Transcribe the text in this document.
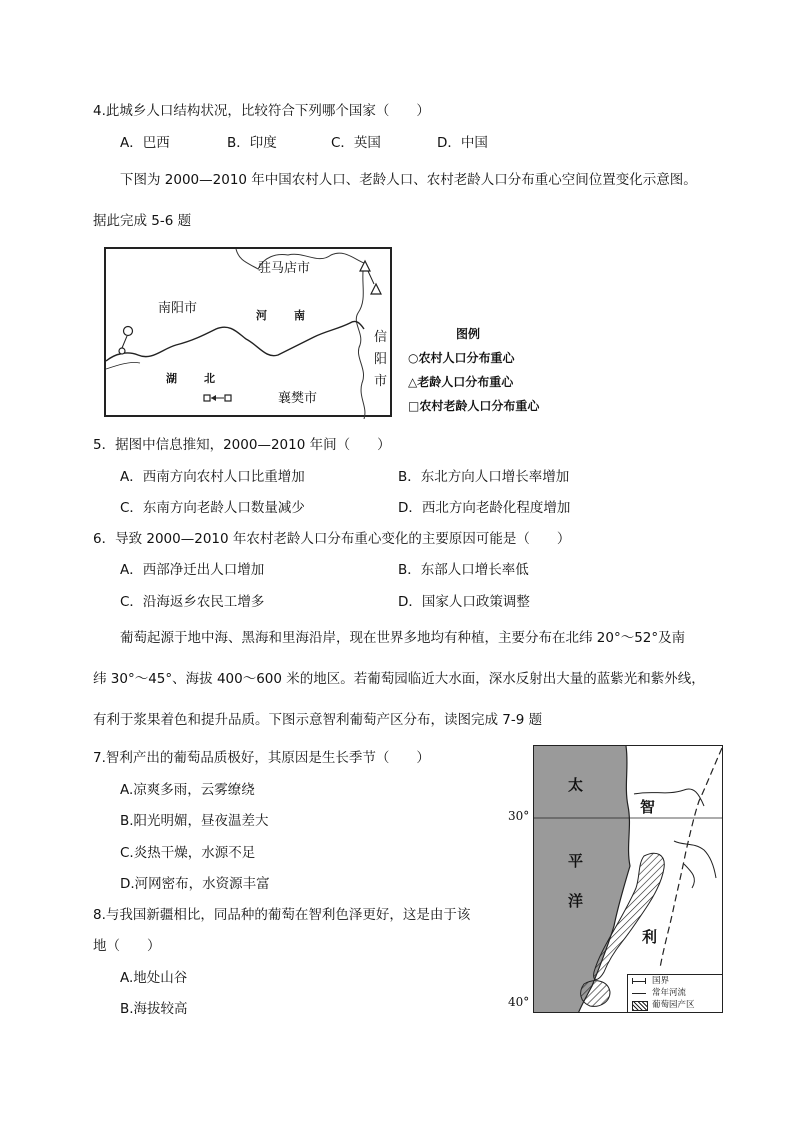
4.此城乡人口结构状况，比较符合下列哪个国家（　　）
A．巴西	B．印度	C．英国	D．中国
下图为 2000—2010 年中国农村人口、老龄人口、农村老龄人口分布重心空间位置变化示意图。
据此完成 5-6 题
驻马店市
南阳市	河　南
信阳市
湖　北
襄樊市
图例
○农村人口分布重心
△老龄人口分布重心
□农村老龄人口分布重心
5．据图中信息推知，2000—2010 年间（　　）
A．西南方向农村人口比重增加	B．东北方向人口增长率增加
C．东南方向老龄人口数量减少	D．西北方向老龄化程度增加
6．导致 2000—2010 年农村老龄人口分布重心变化的主要原因可能是（　　）
A．西部净迁出人口增加	B．东部人口增长率低
C．沿海返乡农民工增多	D．国家人口政策调整
葡萄起源于地中海、黑海和里海沿岸，现在世界多地均有种植，主要分布在北纬 20°～52°及南
纬 30°～45°、海拔 400～600 米的地区。若葡萄园临近大水面，深水反射出大量的蓝紫光和紫外线，
有利于浆果着色和提升品质。下图示意智利葡萄产区分布，读图完成 7-9 题
7.智利产出的葡萄品质极好，其原因是生长季节（　　）
A.凉爽多雨，云雾缭绕
B.阳光明媚，昼夜温差大
C.炎热干燥，水源不足
D.河网密布，水资源丰富
8.与我国新疆相比，同品种的葡萄在智利色泽更好，这是由于该
地（　　）
A.地处山谷
B.海拔较高
30°
40°
太
平
洋
智
利
国界
常年河流
葡萄园产区
